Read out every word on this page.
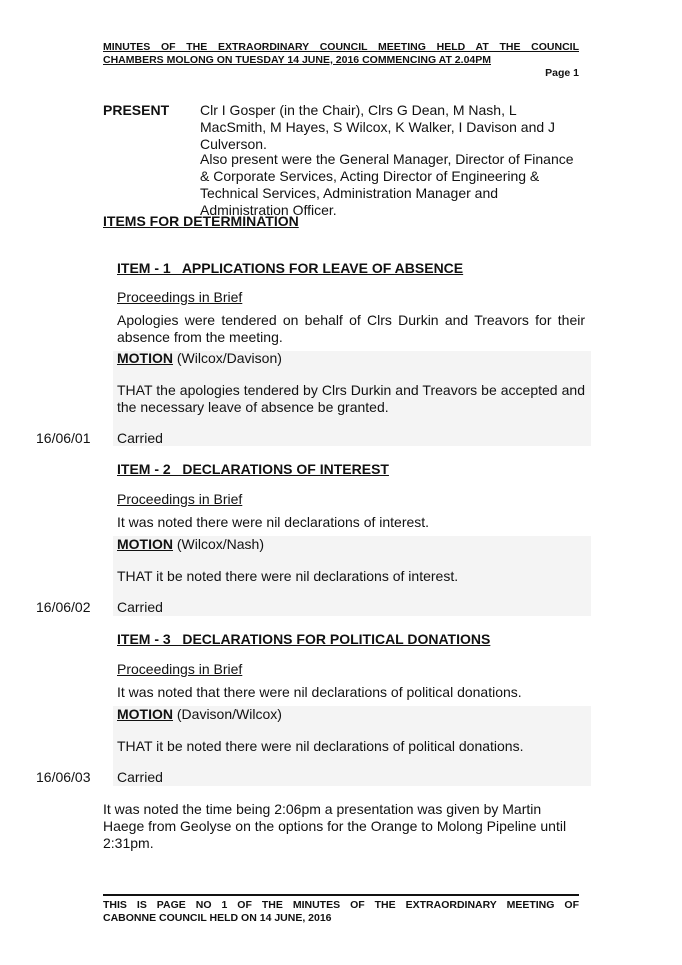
MINUTES OF THE EXTRAORDINARY COUNCIL MEETING HELD AT THE COUNCIL
CHAMBERS MOLONG ON TUESDAY 14 JUNE, 2016 COMMENCING AT 2.04PM
Page 1
PRESENT Clr I Gosper (in the Chair), Clrs G Dean, M Nash, L MacSmith, M Hayes, S Wilcox, K Walker, I Davison and J Culverson.
Also present were the General Manager, Director of Finance & Corporate Services, Acting Director of Engineering & Technical Services, Administration Manager and Administration Officer.
ITEMS FOR DETERMINATION
ITEM - 1   APPLICATIONS FOR LEAVE OF ABSENCE
Proceedings in Brief
Apologies were tendered on behalf of Clrs Durkin and Treavors for their absence from the meeting.
MOTION (Wilcox/Davison)
THAT the apologies tendered by Clrs Durkin and Treavors be accepted and the necessary leave of absence be granted.
16/06/01 Carried
ITEM - 2   DECLARATIONS OF INTEREST
Proceedings in Brief
It was noted there were nil declarations of interest.
MOTION (Wilcox/Nash)
THAT it be noted there were nil declarations of interest.
16/06/02 Carried
ITEM - 3   DECLARATIONS FOR POLITICAL DONATIONS
Proceedings in Brief
It was noted that there were nil declarations of political donations.
MOTION (Davison/Wilcox)
THAT it be noted there were nil declarations of political donations.
16/06/03 Carried
It was noted the time being 2:06pm a presentation was given by Martin Haege from Geolyse on the options for the Orange to Molong Pipeline until 2:31pm.
THIS IS PAGE NO 1 OF THE MINUTES OF THE EXTRAORDINARY MEETING OF
CABONNE COUNCIL HELD ON 14 JUNE, 2016
